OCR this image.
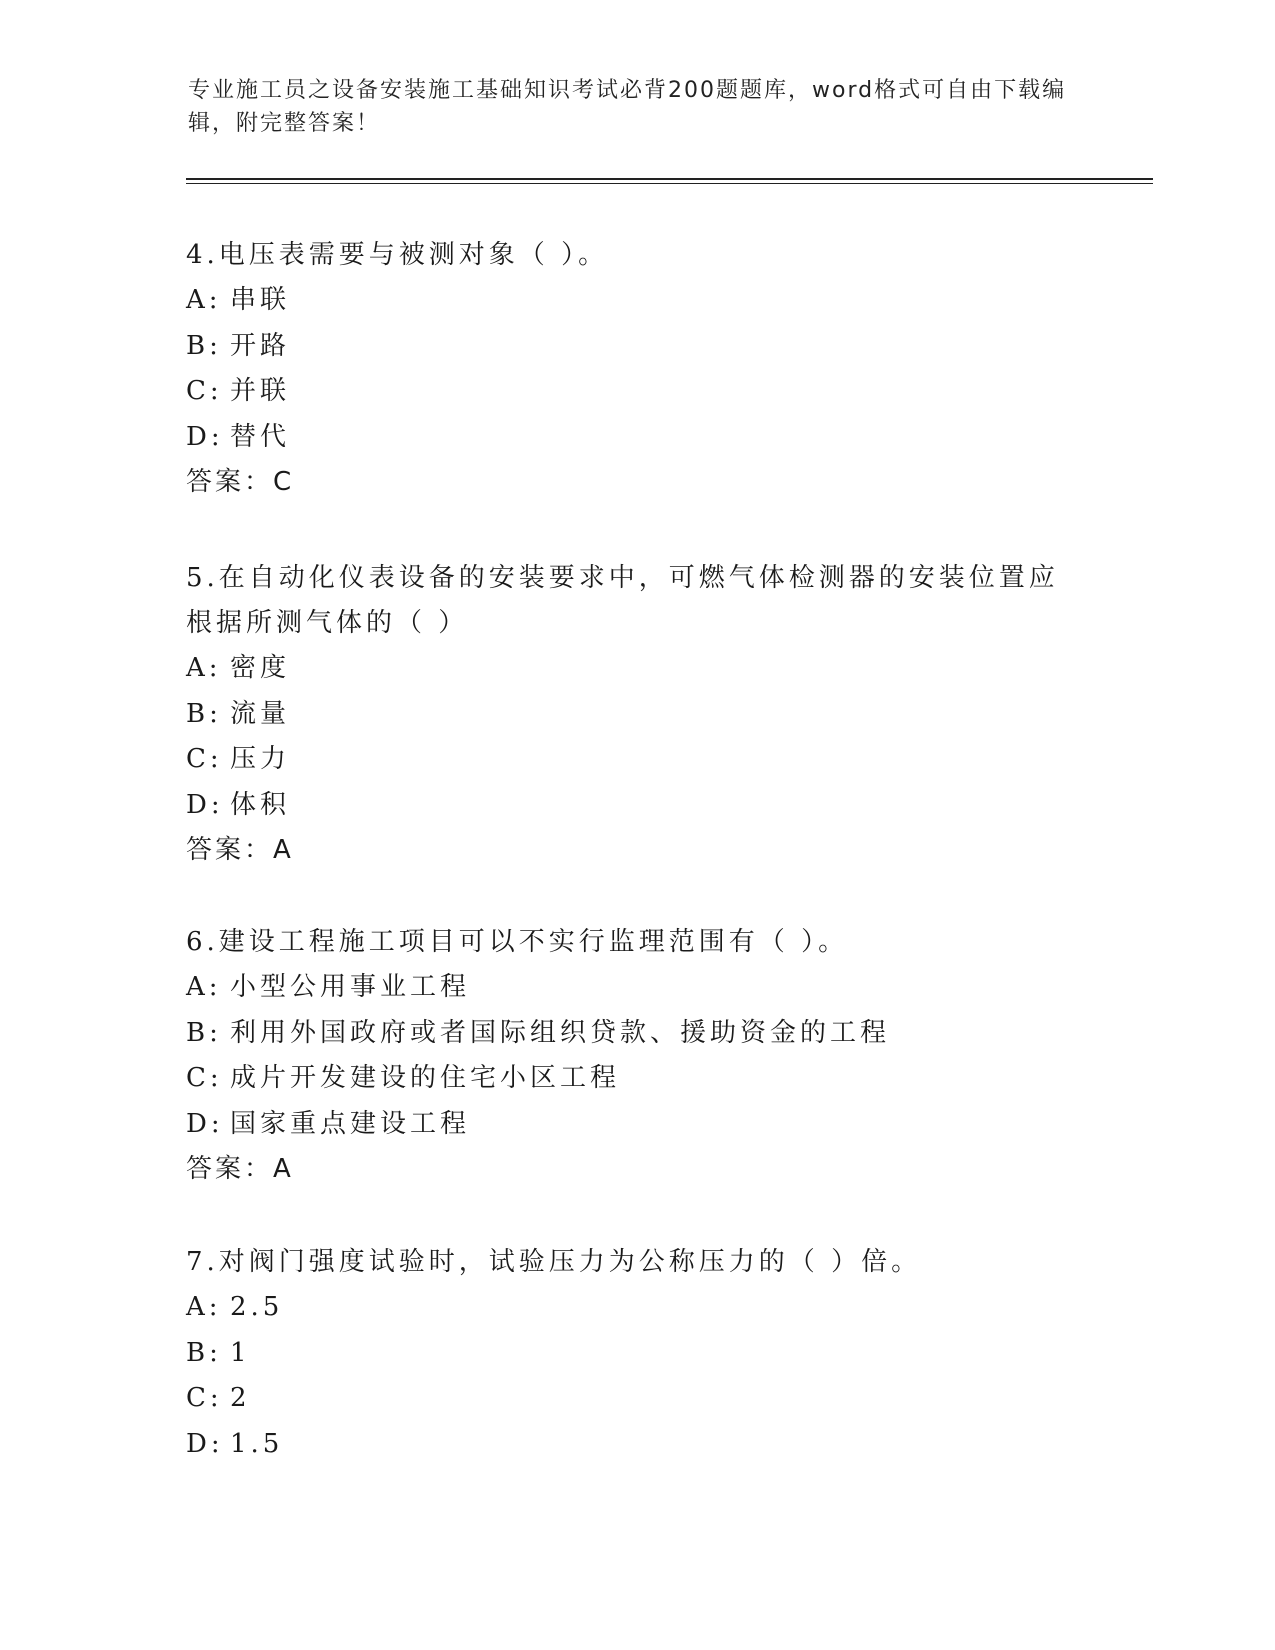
专业施工员之设备安装施工基础知识考试必背200题题库，word格式可自由下载编辑，附完整答案！

4.电压表需要与被测对象（ ）。

A: 串联

B: 开路

C: 并联

D: 替代

答案：C

5.在自动化仪表设备的安装要求中，可燃气体检测器的安装位置应根据所测气体的（ ）

A: 密度

B: 流量

C: 压力

D: 体积

答案：A

6.建设工程施工项目可以不实行监理范围有（ ）。

A: 小型公用事业工程

B: 利用外国政府或者国际组织贷款、援助资金的工程

C: 成片开发建设的住宅小区工程

D: 国家重点建设工程

答案：A

7.对阀门强度试验时，试验压力为公称压力的（ ）倍。

A: 2.5

B: 1

C: 2

D: 1.5
